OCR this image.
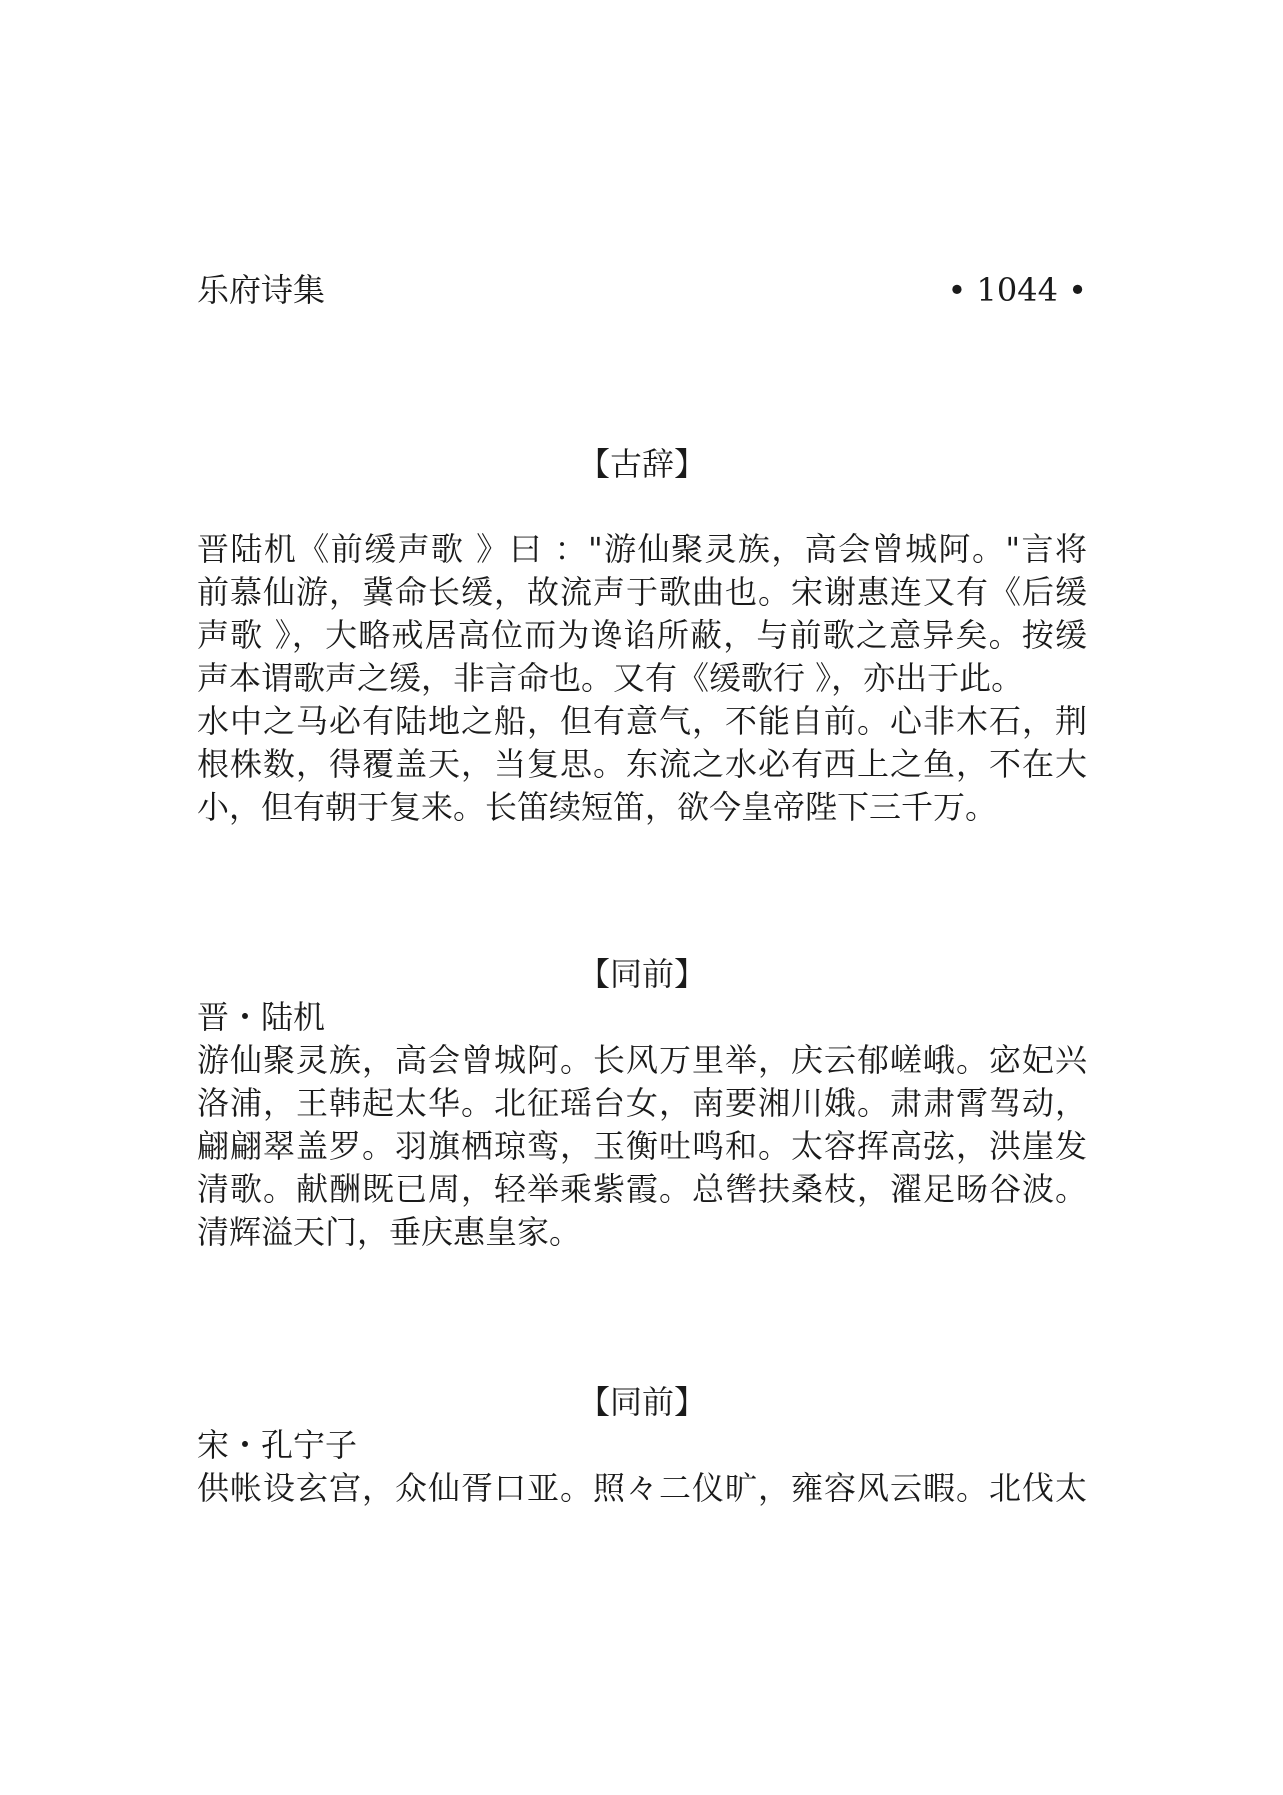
乐府诗集	• 1044 •

【古辞】

晋陆机《前缓声歌 》曰 ："游仙聚灵族，高会曾城阿。"言将

前慕仙游，冀命长缓，故流声于歌曲也。宋谢惠连又有《后缓

声歌 》，大略戒居高位而为谗谄所蔽，与前歌之意异矣。按缓

声本谓歌声之缓，非言命也。又有《缓歌行 》，亦出于此。

水中之马必有陆地之船，但有意气，不能自前。心非木石，荆

根株数，得覆盖天，当复思。东流之水必有西上之鱼，不在大

小，但有朝于复来。长笛续短笛，欲今皇帝陛下三千万。

【同前】

晋・陆机

游仙聚灵族，高会曾城阿。长风万里举，庆云郁嵯峨。宓妃兴

洛浦，王韩起太华。北征瑶台女，南要湘川娥。肃肃霄驾动，

翩翩翠盖罗。羽旗栖琼鸾，玉衡吐鸣和。太容挥高弦，洪崖发

清歌。献酬既已周，轻举乘紫霞。总辔扶桑枝，濯足旸谷波。

清辉溢天门，垂庆惠皇家。

【同前】

宋・孔宁子

供帐设玄宫，众仙胥口亚。照々二仪旷，雍容风云暇。北伐太
